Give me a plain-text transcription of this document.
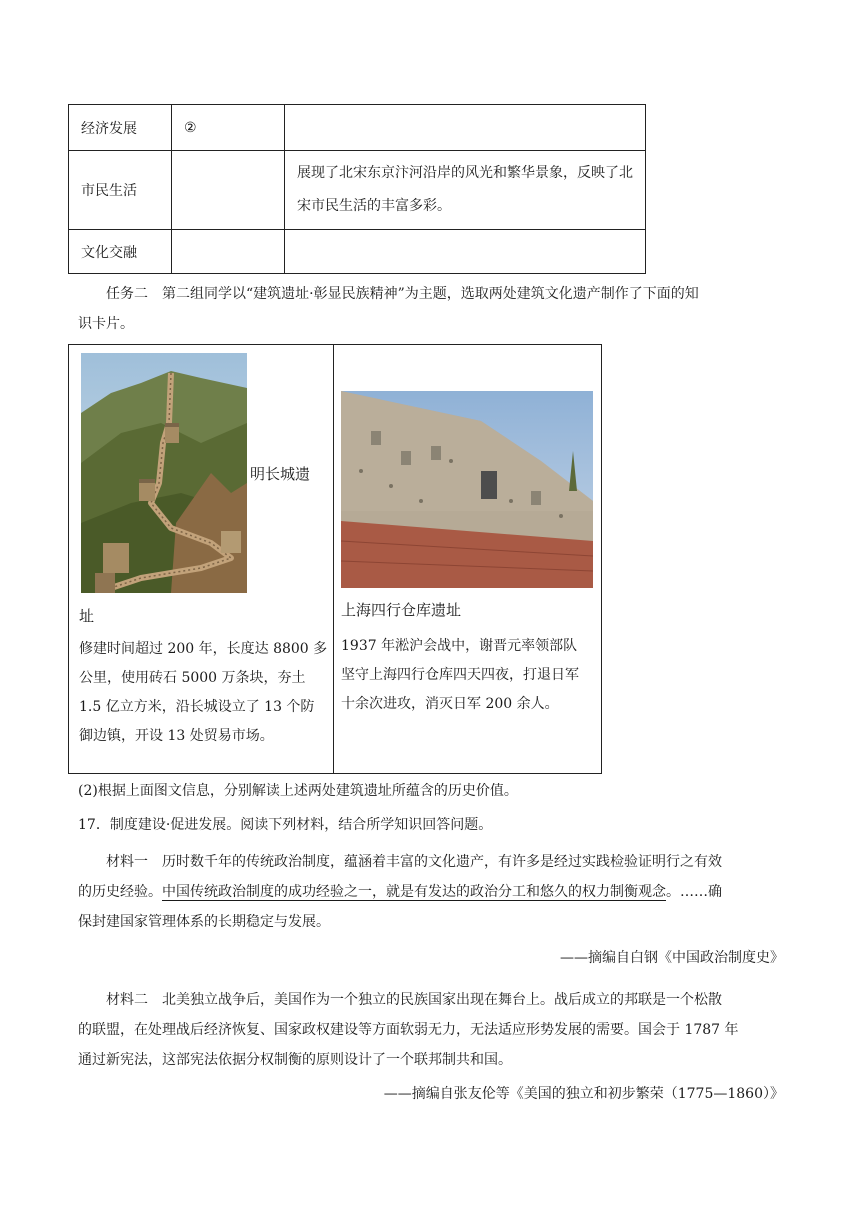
经济发展	②	
市民生活		展现了北宋东京汴河沿岸的风光和繁华景象，反映了北宋市民生活的丰富多彩。
文化交融		
任务二　第二组同学以“建筑遗址·彰显民族精神”为主题，选取两处建筑文化遗产制作了下面的知
识卡片。
明长城遗
址
修建时间超过 200 年，长度达 8800 多
公里，使用砖石 5000 万条块，夯土
1.5 亿立方米，沿长城设立了 13 个防
御边镇，开设 13 处贸易市场。
上海四行仓库遗址
1937 年淞沪会战中，谢晋元率领部队
坚守上海四行仓库四天四夜，打退日军
十余次进攻，消灭日军 200 余人。
(2)根据上面图文信息，分别解读上述两处建筑遗址所蕴含的历史价值。
17．制度建设·促进发展。阅读下列材料，结合所学知识回答问题。
材料一　历时数千年的传统政治制度，蕴涵着丰富的文化遗产，有许多是经过实践检验证明行之有效
的历史经验。中国传统政治制度的成功经验之一，就是有发达的政治分工和悠久的权力制衡观念。……确
保封建国家管理体系的长期稳定与发展。
——摘编自白钢《中国政治制度史》
材料二　北美独立战争后，美国作为一个独立的民族国家出现在舞台上。战后成立的邦联是一个松散
的联盟，在处理战后经济恢复、国家政权建设等方面软弱无力，无法适应形势发展的需要。国会于 1787 年
通过新宪法，这部宪法依据分权制衡的原则设计了一个联邦制共和国。
——摘编自张友伦等《美国的独立和初步繁荣（1775—1860）》
